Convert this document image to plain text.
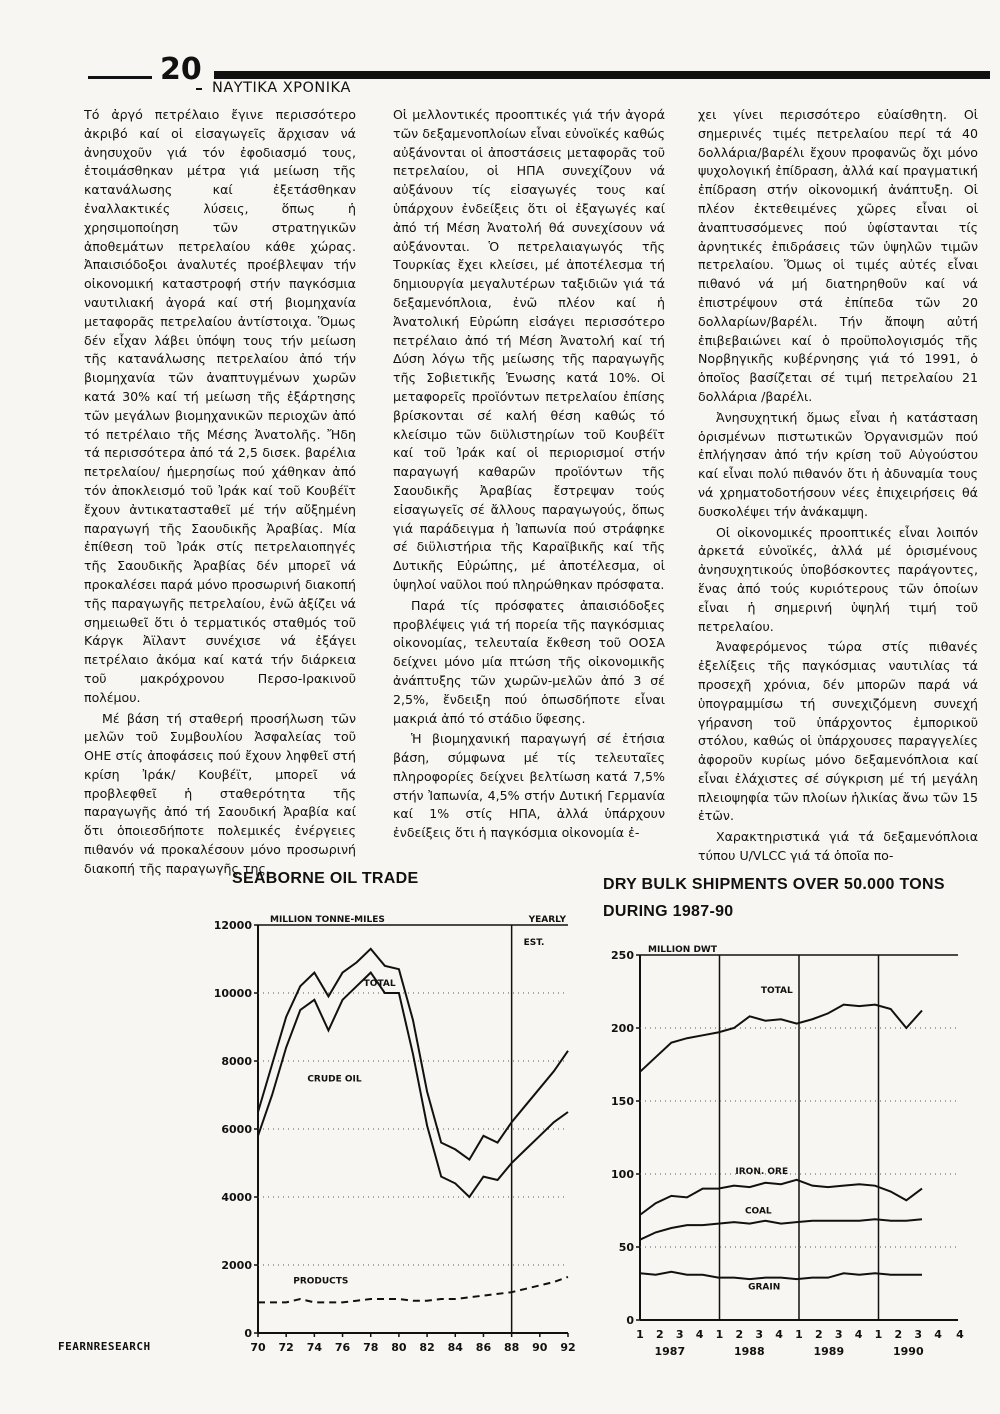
20
ΝΑΥΤΙΚΑ ΧΡΟΝΙΚΑ

Τό ἀργό πετρέλαιο ἔγινε περισσότερο ἀκριβό καί οἱ εἰσαγωγεῖς ἄρχισαν νά ἀνησυχοῦν γιά τόν ἐφοδιασμό τους, ἑτοιμάσθηκαν μέτρα γιά μείωση τῆς κατανάλωσης καί ἐξετάσθηκαν ἐναλλακτικές λύσεις, ὅπως ἡ χρησιμοποίηση τῶν στρατηγικῶν ἀποθεμάτων πετρελαίου κάθε χώρας. Ἀπαισιόδοξοι ἀναλυτές προέβλεψαν τήν οἰκονομική καταστροφή στήν παγκόσμια ναυτιλιακή ἀγορά καί στή βιομηχανία μεταφορᾶς πετρελαίου ἀντίστοιχα. Ὅμως δέν εἶχαν λάβει ὑπόψη τους τήν μείωση τῆς κατανάλωσης πετρελαίου ἀπό τήν βιομηχανία τῶν ἀναπτυγμένων χωρῶν κατά 30% καί τή μείωση τῆς ἐξάρτησης τῶν μεγάλων βιομηχανικῶν περιοχῶν ἀπό τό πετρέλαιο τῆς Μέσης Ἀνατολῆς. Ἤδη τά περισσότερα ἀπό τά 2,5 δισεκ. βαρέλια πετρελαίου/ ἡμερησίως πού χάθηκαν ἀπό τόν ἀποκλεισμό τοῦ Ἰράκ καί τοῦ Κουβέϊτ ἔχουν ἀντικατασταθεῖ μέ τήν αὔξημένη παραγωγή τῆς Σαουδικῆς Ἀραβίας. Μία ἐπίθεση τοῦ Ἰράκ στίς πετρελαιοπηγές τῆς Σαουδικῆς Ἀραβίας δέν μπορεῖ νά προκαλέσει παρά μόνο προσωρινή διακοπή τῆς παραγωγῆς πετρελαίου, ἐνῶ ἀξίζει νά σημειωθεῖ ὅτι ὁ τερματικός σταθμός τοῦ Κάργκ Ἀϊλαντ συνέχισε νά ἐξάγει πετρέλαιο ἀκόμα καί κατά τήν διάρκεια τοῦ μακρόχρονου Περσο-Ιρακινοῦ πολέμου.

Μέ βάση τή σταθερή προσήλωση τῶν μελῶν τοῦ Συμβουλίου Ἀσφαλείας τοῦ ΟΗΕ στίς ἀποφάσεις πού ἔχουν ληφθεῖ στή κρίση Ἰράκ/ Κουβέϊτ, μπορεῖ νά προβλεφθεῖ ἡ σταθερότητα τῆς παραγωγῆς ἀπό τή Σαουδική Ἀραβία καί ὅτι ὁποιεσδήποτε πολεμικές ἐνέργειες πιθανόν νά προκαλέσουν μόνο προσωρινή διακοπή τῆς παραγωγῆς της.

Οἱ μελλοντικές προοπτικές γιά τήν ἀγορά τῶν δεξαμενοπλοίων εἶναι εὐνοϊκές καθώς αὐξάνονται οἱ ἀποστάσεις μεταφορᾶς τοῦ πετρελαίου, οἱ ΗΠΑ συνεχίζουν νά αὐξάνουν τίς εἰσαγωγές τους καί ὑπάρχουν ἐνδείξεις ὅτι οἱ ἐξαγωγές καί ἀπό τή Μέση Ἀνατολή θά συνεχίσουν νά αὐξάνονται. Ὁ πετρελαιαγωγός τῆς Τουρκίας ἔχει κλείσει, μέ ἀποτέλεσμα τή δημιουργία μεγαλυτέρων ταξιδιῶν γιά τά δεξαμενόπλοια, ἐνῶ πλέον καί ἡ Ἀνατολική Εὐρώπη εἰσάγει περισσότερο πετρέλαιο ἀπό τή Μέση Ἀνατολή καί τή Δύση λόγω τῆς μείωσης τῆς παραγωγῆς τῆς Σοβιετικῆς Ἑνωσης κατά 10%. Οἱ μεταφορεῖς προϊόντων πετρελαίου ἐπίσης βρίσκονται σέ καλή θέση καθώς τό κλείσιμο τῶν διϋλιστηρίων τοῦ Κουβέϊτ καί τοῦ Ἰράκ καί οἱ περιορισμοί στήν παραγωγή καθαρῶν προϊόντων τῆς Σαουδικῆς Ἀραβίας ἔστρεψαν τούς εἰσαγωγεῖς σέ ἄλλους παραγωγούς, ὅπως γιά παράδειγμα ἡ Ἰαπωνία πού στράφηκε σέ διϋλιστήρια τῆς Καραϊβικῆς καί τῆς Δυτικῆς Εὐρώπης, μέ ἀποτέλεσμα, οἱ ὑψηλοί ναῦλοι πού πληρώθηκαν πρόσφατα.

Παρά τίς πρόσφατες ἀπαισιόδοξες προβλέψεις γιά τή πορεία τῆς παγκόσμιας οἰκονομίας, τελευταία ἔκθεση τοῦ ΟΟΣΑ δείχνει μόνο μία πτώση τῆς οἰκονομικῆς ἀνάπτυξης τῶν χωρῶν-μελῶν ἀπό 3 σέ 2,5%, ἔνδειξη πού ὁπωσδήποτε εἶναι μακριά ἀπό τό στάδιο ὕφεσης.

Ἡ βιομηχανική παραγωγή σέ ἐτήσια βάση, σύμφωνα μέ τίς τελευταῖες πληροφορίες δείχνει βελτίωση κατά 7,5% στήν Ἰαπωνία, 4,5% στήν Δυτική Γερμανία καί 1% στίς ΗΠΑ, ἀλλά ὑπάρχουν ἐνδείξεις ὅτι ἡ παγκόσμια οἰκονομία ἐ-

χει γίνει περισσότερο εὐαίσθητη. Οἱ σημερινές τιμές πετρελαίου περί τά 40 δολλάρια/βαρέλι ἔχουν προφανῶς ὄχι μόνο ψυχολογική ἐπίδραση, ἀλλά καί πραγματική ἐπίδραση στήν οἰκονομική ἀνάπτυξη. Οἱ πλέον ἐκτεθειμένες χῶρες εἶναι οἱ ἀναπτυσσόμενες πού ὑφίστανται τίς ἀρνητικές ἐπιδράσεις τῶν ὑψηλῶν τιμῶν πετρελαίου. Ὅμως οἱ τιμές αὐτές εἶναι πιθανό νά μή διατηρηθοῦν καί νά ἐπιστρέψουν στά ἐπίπεδα τῶν 20 δολλαρίων/βαρέλι. Τήν ἄποψη αὐτή ἐπιβεβαιώνει καί ὁ προϋπολογισμός τῆς Νορβηγικῆς κυβέρνησης γιά τό 1991, ὁ ὁποῖος βασίζεται σέ τιμή πετρελαίου 21 δολλάρια /βαρέλι.

Ἀνησυχητική ὅμως εἶναι ἡ κατάσταση ὁρισμένων πιστωτικῶν Ὀργανισμῶν πού ἐπλήγησαν ἀπό τήν κρίση τοῦ Αὐγούστου καί εἶναι πολύ πιθανόν ὅτι ἡ ἀδυναμία τους νά χρηματοδοτήσουν νέες ἐπιχειρήσεις θά δυσκολέψει τήν ἀνάκαμψη.

Οἱ οἰκονομικές προοπτικές εἶναι λοιπόν ἀρκετά εὐνοϊκές, ἀλλά μέ ὁρισμένους ἀνησυχητικούς ὑποβόσκοντες παράγοντες, ἕνας ἀπό τούς κυριότερους τῶν ὁποίων εἶναι ἡ σημερινή ὑψηλή τιμή τοῦ πετρελαίου.

Ἀναφερόμενος τώρα στίς πιθανές ἐξελίξεις τῆς παγκόσμιας ναυτιλίας τά προσεχῆ χρόνια, δέν μπορῶν παρά νά ὑπογραμμίσω τή συνεχιζόμενη συνεχή γήρανση τοῦ ὑπάρχοντος ἐμπορικοῦ στόλου, καθώς οἱ ὑπάρχουσες παραγγελίες ἀφοροῦν κυρίως μόνο δεξαμενόπλοια καί εἶναι ἐλάχιστες σέ σύγκριση μέ τή μεγάλη πλειοψηφία τῶν πλοίων ἡλικίας ἄνω τῶν 15 ἐτῶν.

Χαρακτηριστικά γιά τά δεξαμενόπλοια τύπου U/VLCC γιά τά ὁποῖα πο-

SEABORNE OIL TRADE	DRY BULK SHIPMENTS OVER 50.000 TONS
DURING 1987-90
FEARNRESEARCH
0
2000
4000
6000
8000
10000
12000
70 72 74 76 78 80 82 84 86 88 90 92
MILLION TONNE-MILES	YEARLY
EST.
TOTAL
CRUDE OIL
PRODUCTS
0
50
100
150
200
250
1 2 3 4 1 2 3 4 1 2 3 4 1 2 3 4 4
1987	1988	1989	1990
MILLION DWT
TOTAL
IRON. ORE
COAL
GRAIN
